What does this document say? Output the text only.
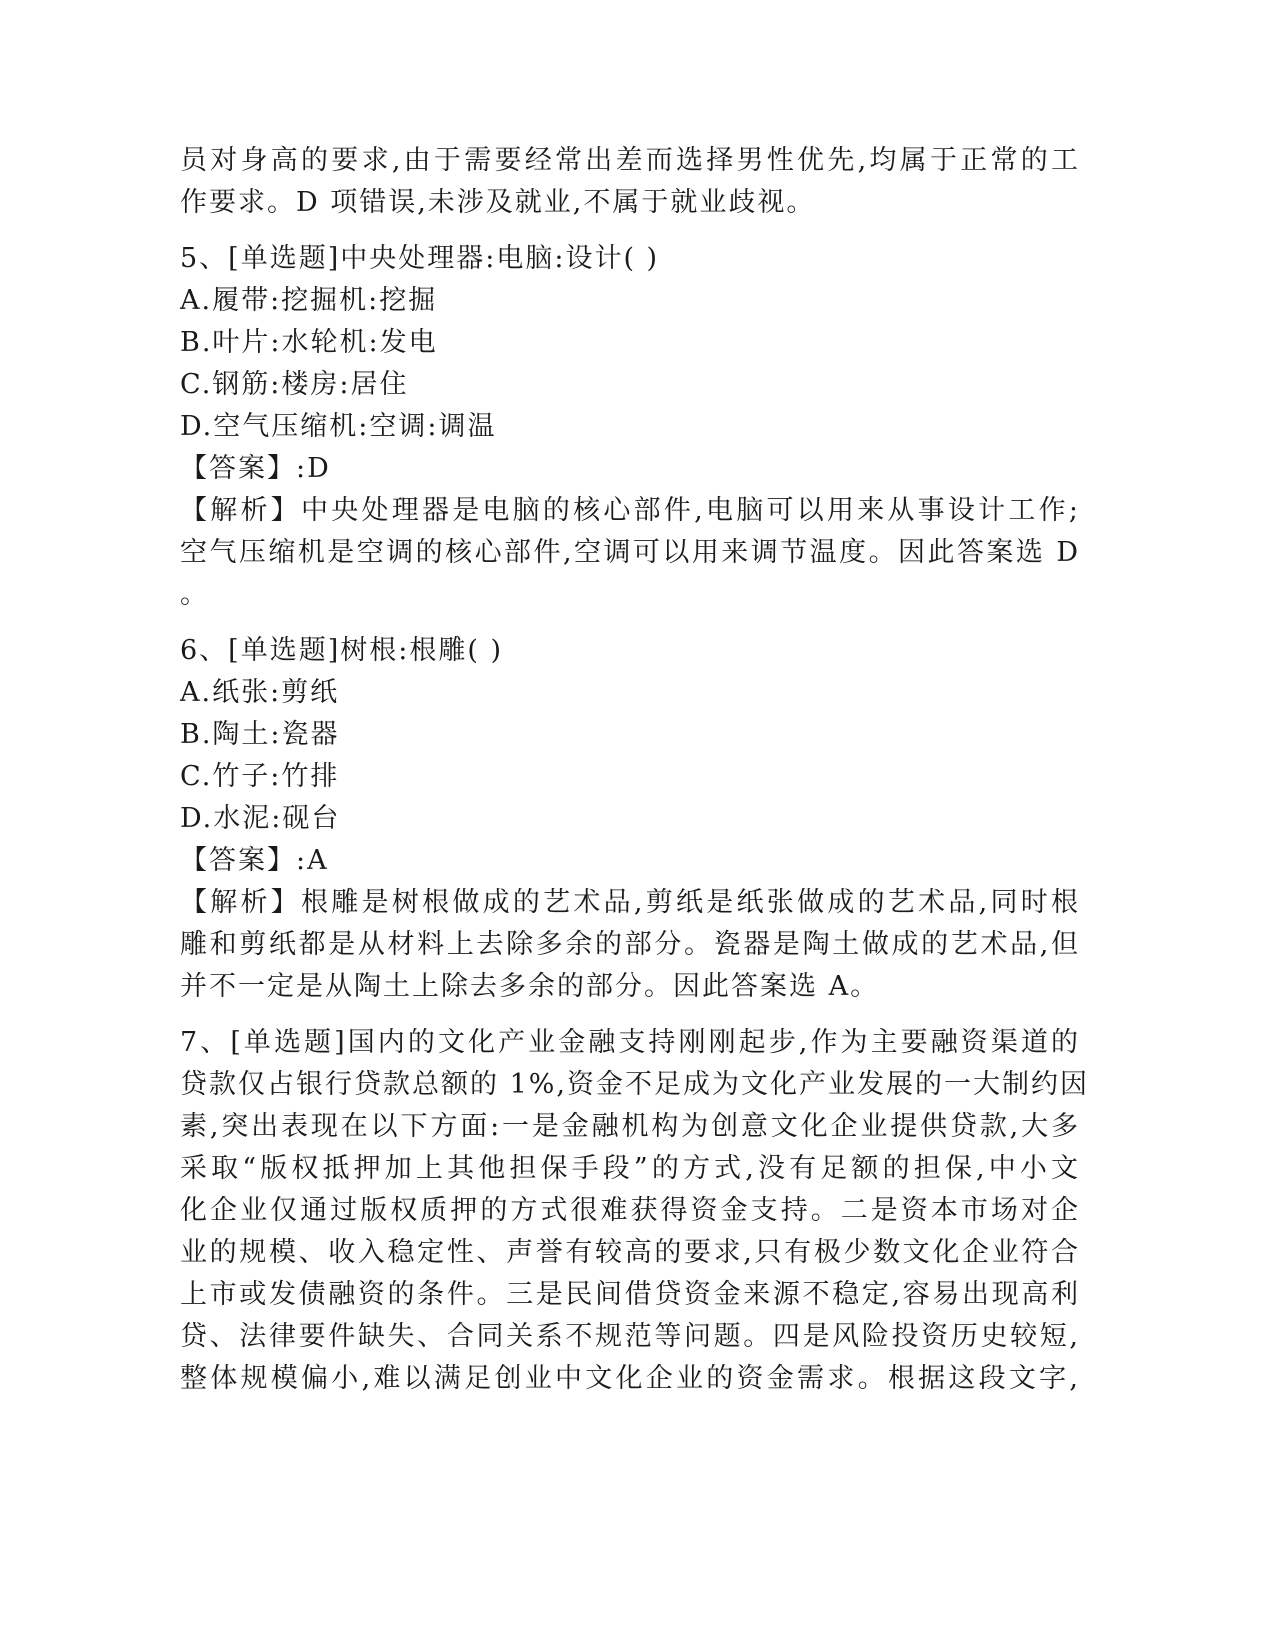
员对身高的要求,由于需要经常出差而选择男性优先,均属于正常的工
作要求。D 项错误,未涉及就业,不属于就业歧视。
5、[单选题]中央处理器:电脑:设计( )
A.履带:挖掘机:挖掘
B.叶片:水轮机:发电
C.钢筋:楼房:居住
D.空气压缩机:空调:调温
【答案】:D
【解析】中央处理器是电脑的核心部件,电脑可以用来从事设计工作;
空气压缩机是空调的核心部件,空调可以用来调节温度。因此答案选 D
。
6、[单选题]树根:根雕( )
A.纸张:剪纸
B.陶土:瓷器
C.竹子:竹排
D.水泥:砚台
【答案】:A
【解析】根雕是树根做成的艺术品,剪纸是纸张做成的艺术品,同时根
雕和剪纸都是从材料上去除多余的部分。瓷器是陶土做成的艺术品,但
并不一定是从陶土上除去多余的部分。因此答案选 A。
7、[单选题]国内的文化产业金融支持刚刚起步,作为主要融资渠道的
贷款仅占银行贷款总额的 1%,资金不足成为文化产业发展的一大制约因
素,突出表现在以下方面:一是金融机构为创意文化企业提供贷款,大多
采取“版权抵押加上其他担保手段”的方式,没有足额的担保,中小文
化企业仅通过版权质押的方式很难获得资金支持。二是资本市场对企
业的规模、收入稳定性、声誉有较高的要求,只有极少数文化企业符合
上市或发债融资的条件。三是民间借贷资金来源不稳定,容易出现高利
贷、法律要件缺失、合同关系不规范等问题。四是风险投资历史较短,
整体规模偏小,难以满足创业中文化企业的资金需求。根据这段文字,
